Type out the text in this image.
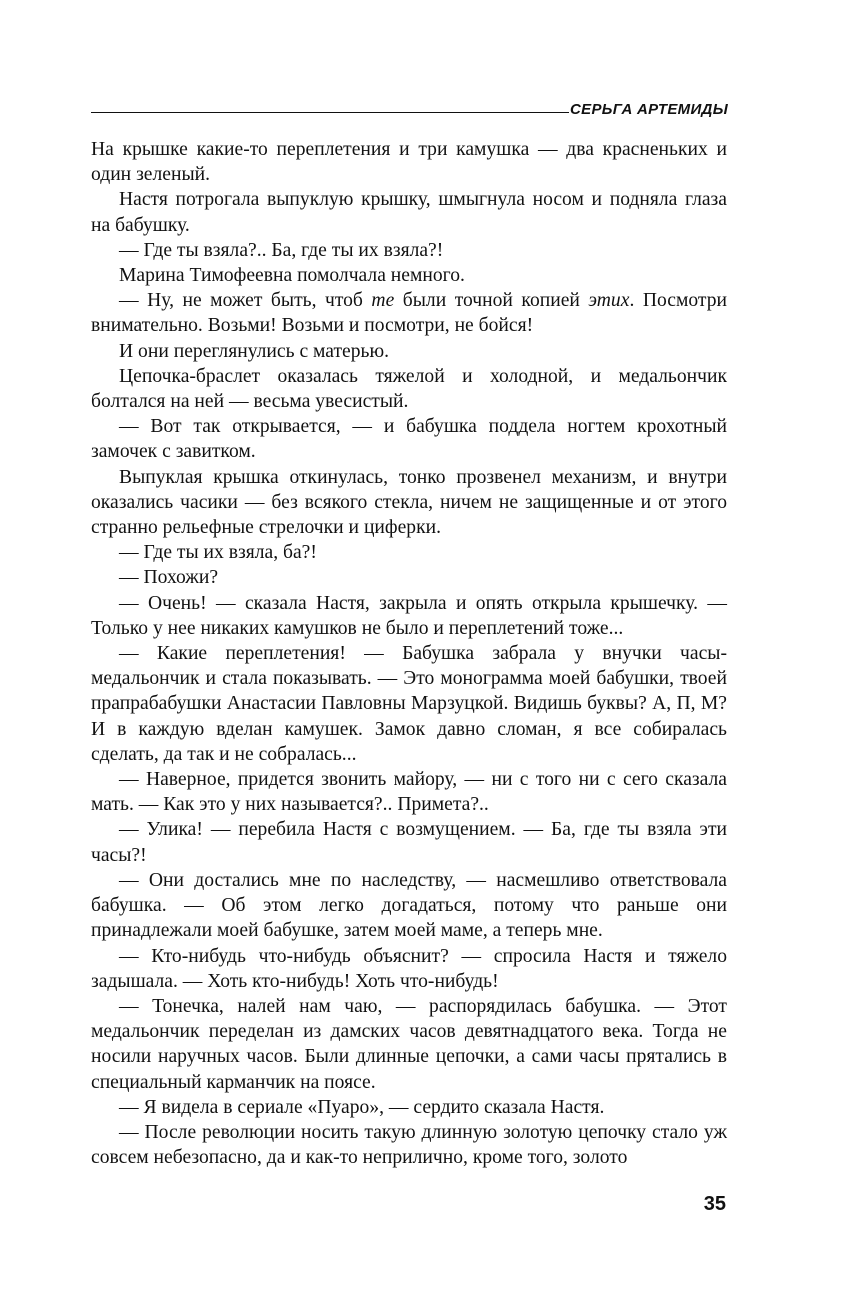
СЕРЬГА АРТЕМИДЫ

На крышке какие-то переплетения и три камушка — два красненьких и один зеленый.

Настя потрогала выпуклую крышку, шмыгнула носом и подняла глаза на бабушку.

— Где ты взяла?.. Ба, где ты их взяла?!

Марина Тимофеевна помолчала немного.

— Ну, не может быть, чтоб те были точной копией этих. Посмотри внимательно. Возьми! Возьми и посмотри, не бойся!

И они переглянулись с матерью.

Цепочка-браслет оказалась тяжелой и холодной, и медальончик болтался на ней — весьма увесистый.

— Вот так открывается, — и бабушка поддела ногтем крохотный замочек с завитком.

Выпуклая крышка откинулась, тонко прозвенел механизм, и внутри оказались часики — без всякого стекла, ничем не защищенные и от этого странно рельефные стрелочки и циферки.

— Где ты их взяла, ба?!

— Похожи?

— Очень! — сказала Настя, закрыла и опять открыла крышечку. — Только у нее никаких камушков не было и переплетений тоже...

— Какие переплетения! — Бабушка забрала у внучки часы-медальончик и стала показывать. — Это монограмма моей бабушки, твоей прапрабабушки Анастасии Павловны Марзуцкой. Видишь буквы? А, П, М? И в каждую вделан камушек. Замок давно сломан, я все собиралась сделать, да так и не собралась...

— Наверное, придется звонить майору, — ни с того ни с сего сказала мать. — Как это у них называется?.. Примета?..

— Улика! — перебила Настя с возмущением. — Ба, где ты взяла эти часы?!

— Они достались мне по наследству, — насмешливо ответствовала бабушка. — Об этом легко догадаться, потому что раньше они принадлежали моей бабушке, затем моей маме, а теперь мне.

— Кто-нибудь что-нибудь объяснит? — спросила Настя и тяжело задышала. — Хоть кто-нибудь! Хоть что-нибудь!

— Тонечка, налей нам чаю, — распорядилась бабушка. — Этот медальончик переделан из дамских часов девятнадцатого века. Тогда не носили наручных часов. Были длинные цепочки, а сами часы прятались в специальный карманчик на поясе.

— Я видела в сериале «Пуаро», — сердито сказала Настя.

— После революции носить такую длинную золотую цепочку стало уж совсем небезопасно, да и как-то неприлично, кроме того, золото

35
